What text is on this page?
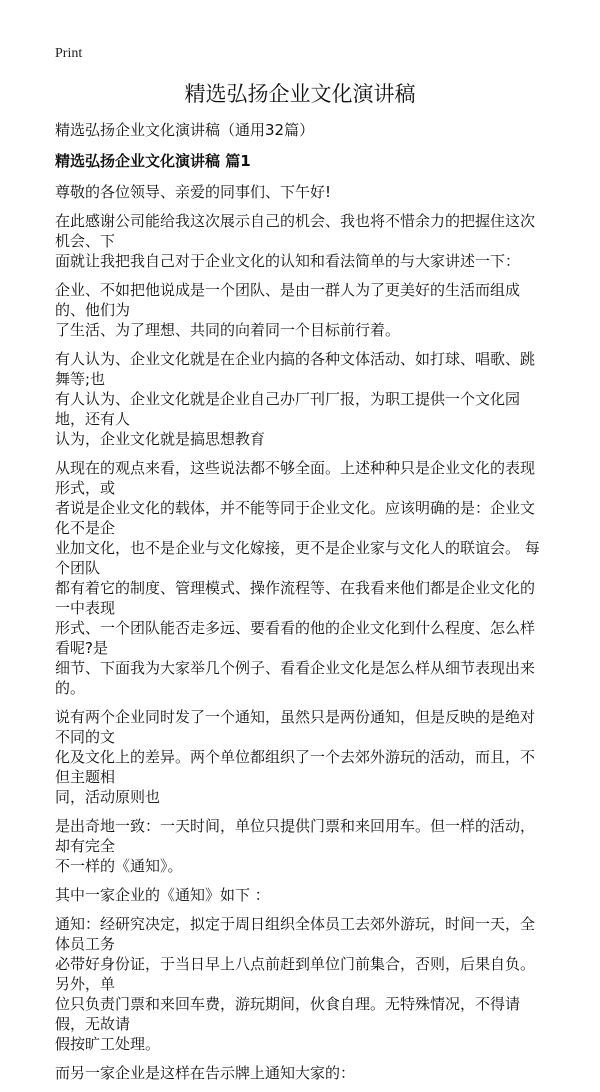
Print
精选弘扬企业文化演讲稿
精选弘扬企业文化演讲稿（通用32篇）
精选弘扬企业文化演讲稿 篇1
尊敬的各位领导、亲爱的同事们、下午好!
在此感谢公司能给我这次展示自己的机会、我也将不惜余力的把握住这次机会、下
面就让我把我自己对于企业文化的认知和看法简单的与大家讲述一下：
企业、不如把他说成是一个团队、是由一群人为了更美好的生活而组成的、他们为
了生活、为了理想、共同的向着同一个目标前行着。
有人认为、企业文化就是在企业内搞的各种文体活动、如打球、唱歌、跳舞等;也
有人认为、企业文化就是企业自己办厂刊厂报，为职工提供一个文化园地，还有人
认为，企业文化就是搞思想教育
从现在的观点来看，这些说法都不够全面。上述种种只是企业文化的表现形式，或
者说是企业文化的载体，并不能等同于企业文化。应该明确的是：企业文化不是企
业加文化，也不是企业与文化嫁接，更不是企业家与文化人的联谊会。 每个团队
都有着它的制度、管理模式、操作流程等、在我看来他们都是企业文化的一中表现
形式、一个团队能否走多远、要看看的他的企业文化到什么程度、怎么样看呢?是
细节、下面我为大家举几个例子、看看企业文化是怎么样从细节表现出来的。
说有两个企业同时发了一个通知，虽然只是两份通知，但是反映的是绝对不同的文
化及文化上的差异。两个单位都组织了一个去郊外游玩的活动，而且，不但主题相
同，活动原则也
是出奇地一致：一天时间，单位只提供门票和来回用车。但一样的活动，却有完全
不一样的《通知》。
其中一家企业的《通知》如下 ：
通知：经研究决定，拟定于周日组织全体员工去郊外游玩，时间一天，全体员工务
必带好身份证，于当日早上八点前赶到单位门前集合，否则，后果自负。另外，单
位只负责门票和来回车费，游玩期间，伙食自理。无特殊情况，不得请假，无故请
假按旷工处理。
而另一家企业是这样在告示牌上通知大家的：
